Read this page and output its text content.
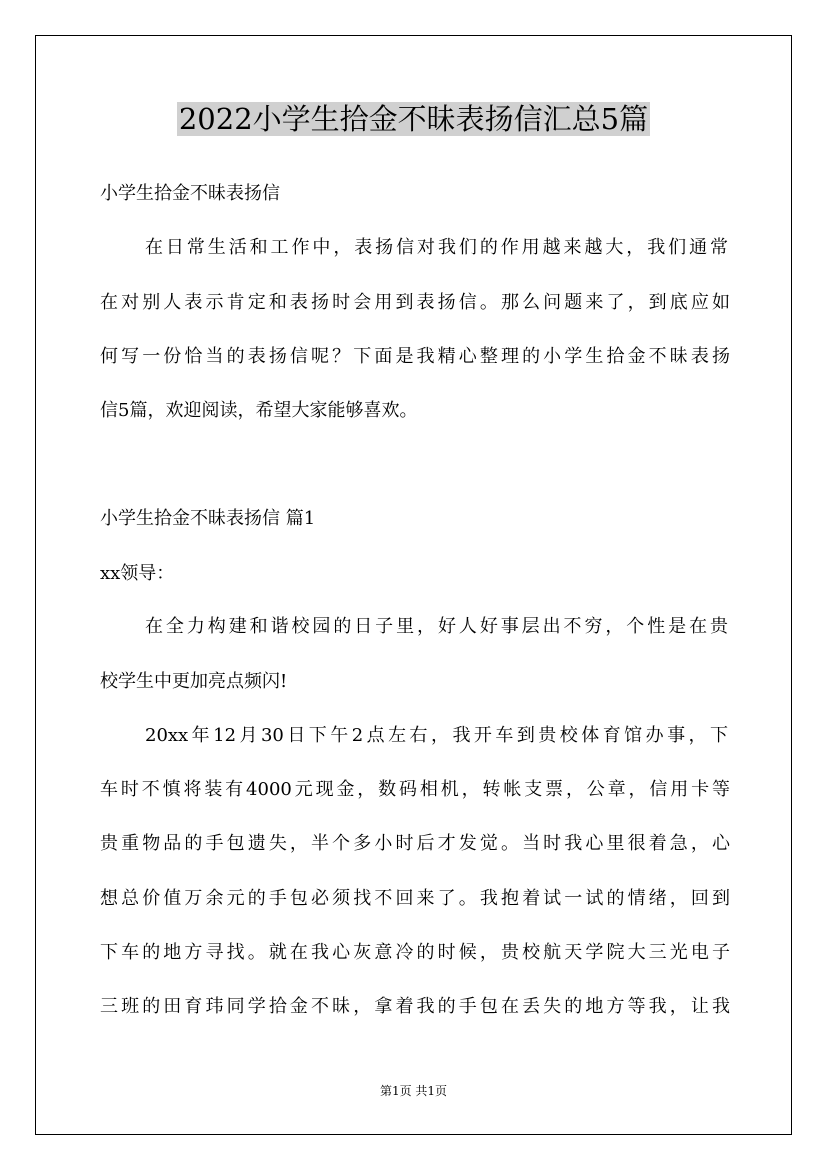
2022小学生拾金不昧表扬信汇总5篇
小学生拾金不昧表扬信
在日常生活和工作中，表扬信对我们的作用越来越大，我们通常
在对别人表示肯定和表扬时会用到表扬信。那么问题来了，到底应如
何写一份恰当的表扬信呢？下面是我精心整理的小学生拾金不昧表扬
信5篇，欢迎阅读，希望大家能够喜欢。
小学生拾金不昧表扬信 篇1
xx领导：
在全力构建和谐校园的日子里，好人好事层出不穷，个性是在贵
校学生中更加亮点频闪!
20xx年12月30日下午2点左右，我开车到贵校体育馆办事，下
车时不慎将装有4000元现金，数码相机，转帐支票，公章，信用卡等
贵重物品的手包遗失，半个多小时后才发觉。当时我心里很着急，心
想总价值万余元的手包必须找不回来了。我抱着试一试的情绪，回到
下车的地方寻找。就在我心灰意冷的时候，贵校航天学院大三光电子
三班的田育玮同学拾金不昧，拿着我的手包在丢失的地方等我，让我
第1页 共1页
